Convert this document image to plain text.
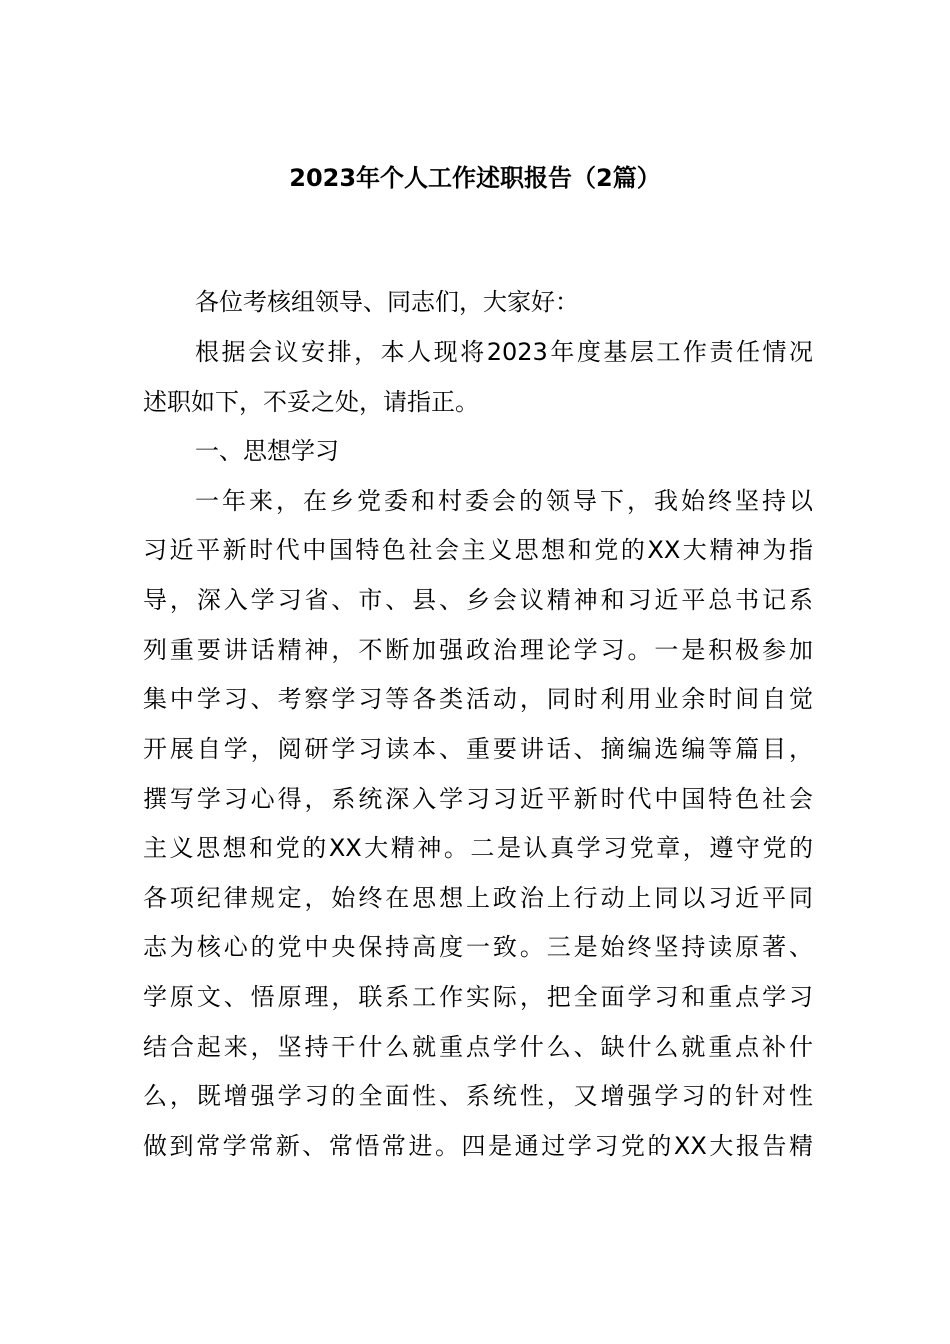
2023年个人工作述职报告（2篇）

各位考核组领导、同志们，大家好：

根据会议安排，本人现将2023年度基层工作责任情况

述职如下，不妥之处，请指正。

一、思想学习

一年来，在乡党委和村委会的领导下，我始终坚持以

习近平新时代中国特色社会主义思想和党的XX大精神为指

导，深入学习省、市、县、乡会议精神和习近平总书记系

列重要讲话精神，不断加强政治理论学习。一是积极参加

集中学习、考察学习等各类活动，同时利用业余时间自觉

开展自学，阅研学习读本、重要讲话、摘编选编等篇目，

撰写学习心得，系统深入学习习近平新时代中国特色社会

主义思想和党的XX大精神。二是认真学习党章，遵守党的

各项纪律规定，始终在思想上政治上行动上同以习近平同

志为核心的党中央保持高度一致。三是始终坚持读原著、

学原文、悟原理，联系工作实际，把全面学习和重点学习

结合起来，坚持干什么就重点学什么、缺什么就重点补什

么，既增强学习的全面性、系统性，又增强学习的针对性

做到常学常新、常悟常进。四是通过学习党的XX大报告精
